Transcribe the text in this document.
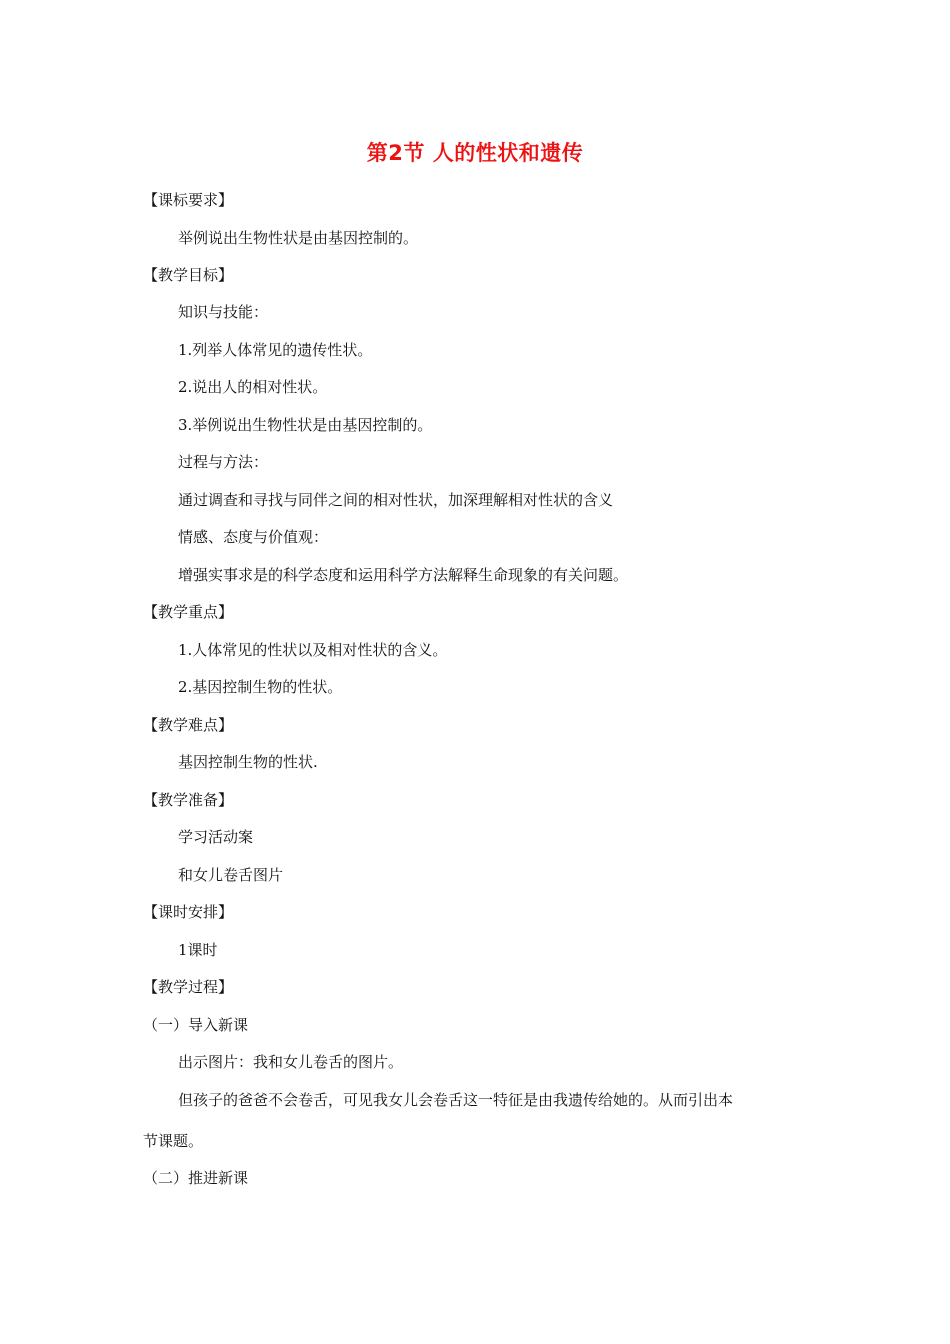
第2节 人的性状和遗传
【课标要求】
举例说出生物性状是由基因控制的。
【教学目标】
知识与技能：
1.列举人体常见的遗传性状。
2.说出人的相对性状。
3.举例说出生物性状是由基因控制的。
过程与方法：
通过调查和寻找与同伴之间的相对性状，加深理解相对性状的含义
情感、态度与价值观：
增强实事求是的科学态度和运用科学方法解释生命现象的有关问题。
【教学重点】
1.人体常见的性状以及相对性状的含义。
2.基因控制生物的性状。
【教学难点】
基因控制生物的性状.
【教学准备】
学习活动案
和女儿卷舌图片
【课时安排】
1课时
【教学过程】
（一）导入新课
出示图片：我和女儿卷舌的图片。
但孩子的爸爸不会卷舌，可见我女儿会卷舌这一特征是由我遗传给她的。从而引出本
节课题。
（二）推进新课
